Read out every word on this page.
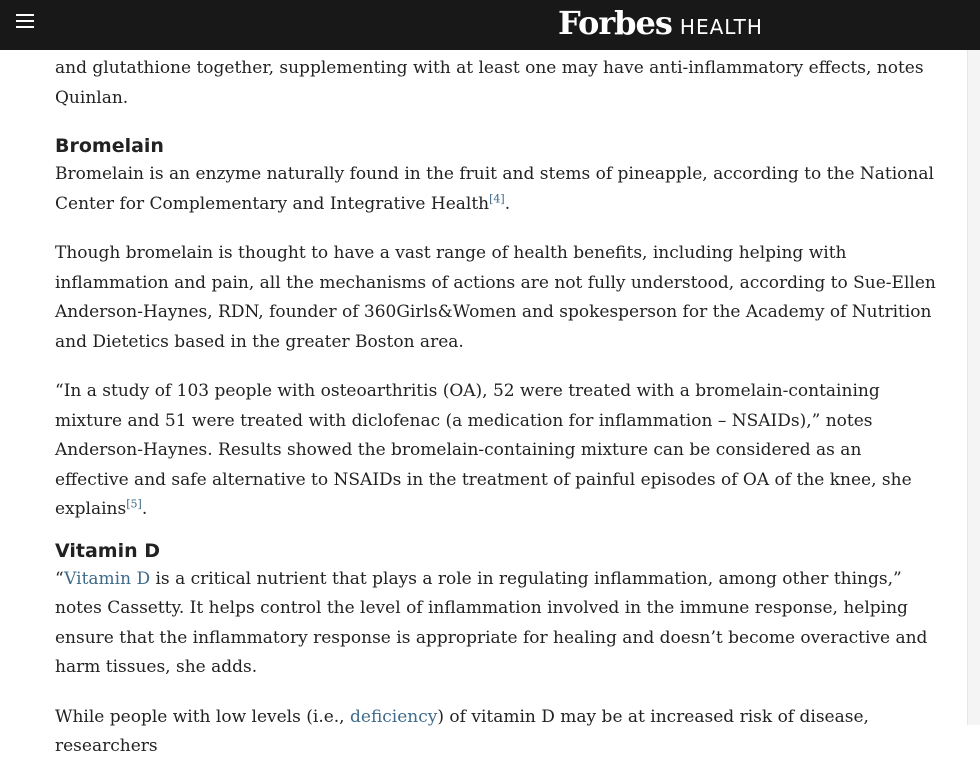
Forbes HEALTH

and glutathione together, supplementing with at least one may have anti-inflammatory effects, notes Quinlan.

Bromelain

Bromelain is an enzyme naturally found in the fruit and stems of pineapple, according to the National Center for Complementary and Integrative Health[4].

Though bromelain is thought to have a vast range of health benefits, including helping with inflammation and pain, all the mechanisms of actions are not fully understood, according to Sue-Ellen Anderson-Haynes, RDN, founder of 360Girls&Women and spokesperson for the Academy of Nutrition and Dietetics based in the greater Boston area.

“In a study of 103 people with osteoarthritis (OA), 52 were treated with a bromelain-containing mixture and 51 were treated with diclofenac (a medication for inflammation – NSAIDs),” notes Anderson-Haynes. Results showed the bromelain-containing mixture can be considered as an effective and safe alternative to NSAIDs in the treatment of painful episodes of OA of the knee, she explains[5].

Vitamin D

“Vitamin D is a critical nutrient that plays a role in regulating inflammation, among other things,” notes Cassetty. It helps control the level of inflammation involved in the immune response, helping ensure that the inflammatory response is appropriate for healing and doesn’t become overactive and harm tissues, she adds.

While people with low levels (i.e., deficiency) of vitamin D may be at increased risk of disease, researchers
